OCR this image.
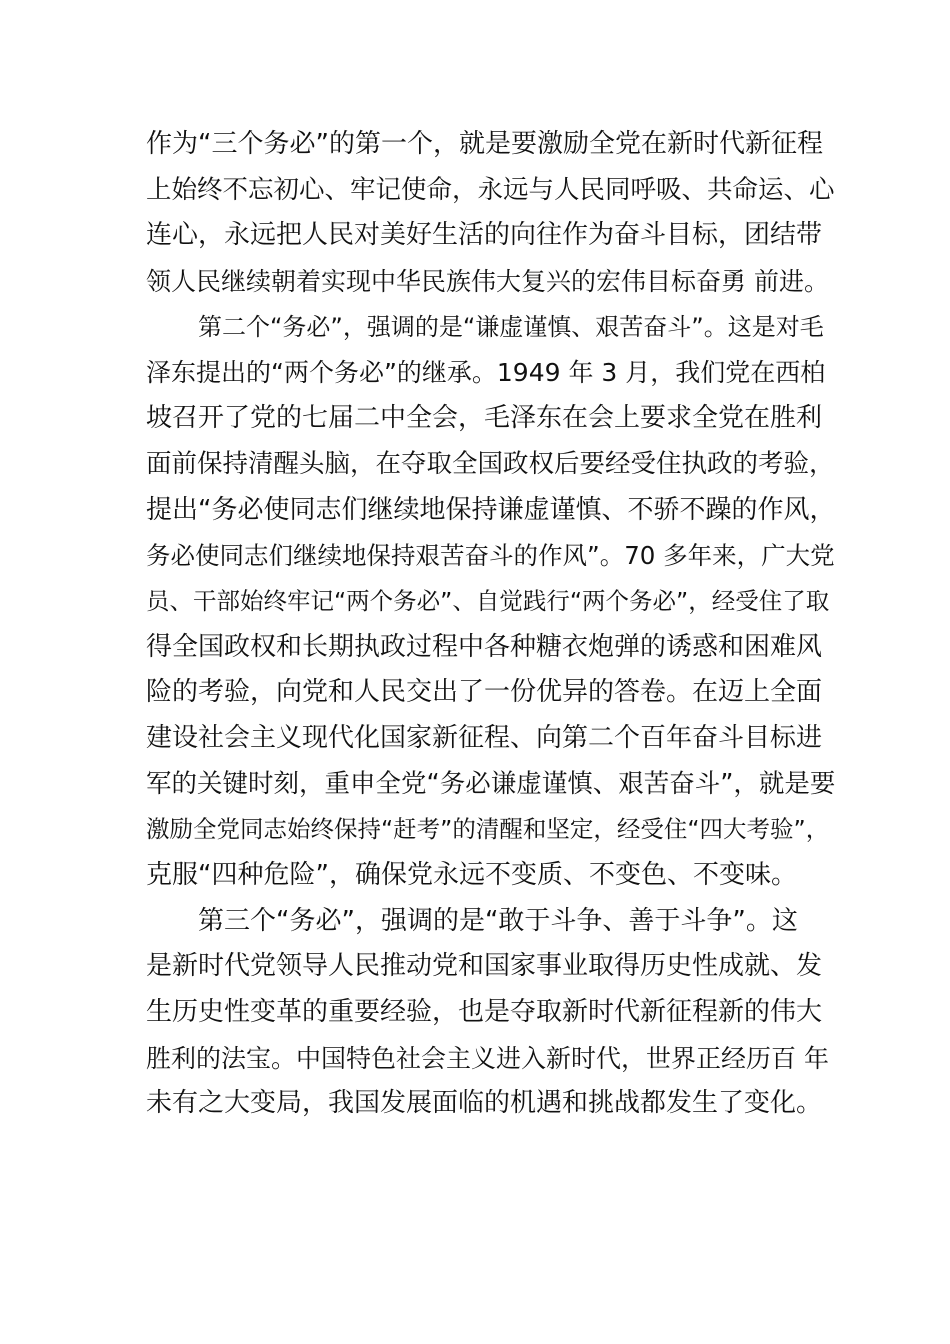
作为“三个务必”的第一个，就是要激励全党在新时代新征程
上始终不忘初心、牢记使命，永远与人民同呼吸、共命运、心
连心，永远把人民对美好生活的向往作为奋斗目标，团结带
领人民继续朝着实现中华民族伟大复兴的宏伟目标奋勇 前进。
第二个“务必”，强调的是“谦虚谨慎、艰苦奋斗”。这是对毛
泽东提出的“两个务必”的继承。1949 年 3 月，我们党在西柏
坡召开了党的七届二中全会，毛泽东在会上要求全党在胜利
面前保持清醒头脑，在夺取全国政权后要经受住执政的考验，
提出“务必使同志们继续地保持谦虚谨慎、不骄不躁的作风，
务必使同志们继续地保持艰苦奋斗的作风”。70 多年来，广大党
员、干部始终牢记“两个务必”、自觉践行“两个务必”，经受住了取
得全国政权和长期执政过程中各种糖衣炮弹的诱惑和困难风
险的考验，向党和人民交出了一份优异的答卷。在迈上全面
建设社会主义现代化国家新征程、向第二个百年奋斗目标进
军的关键时刻，重申全党“务必谦虚谨慎、艰苦奋斗”，就是要
激励全党同志始终保持“赶考”的清醒和坚定，经受住“四大考验”，
克服“四种危险”，确保党永远不变质、不变色、不变味。
第三个“务必”，强调的是“敢于斗争、善于斗争”。这
是新时代党领导人民推动党和国家事业取得历史性成就、发
生历史性变革的重要经验，也是夺取新时代新征程新的伟大
胜利的法宝。中国特色社会主义进入新时代，世界正经历百 年
未有之大变局，我国发展面临的机遇和挑战都发生了变化。
